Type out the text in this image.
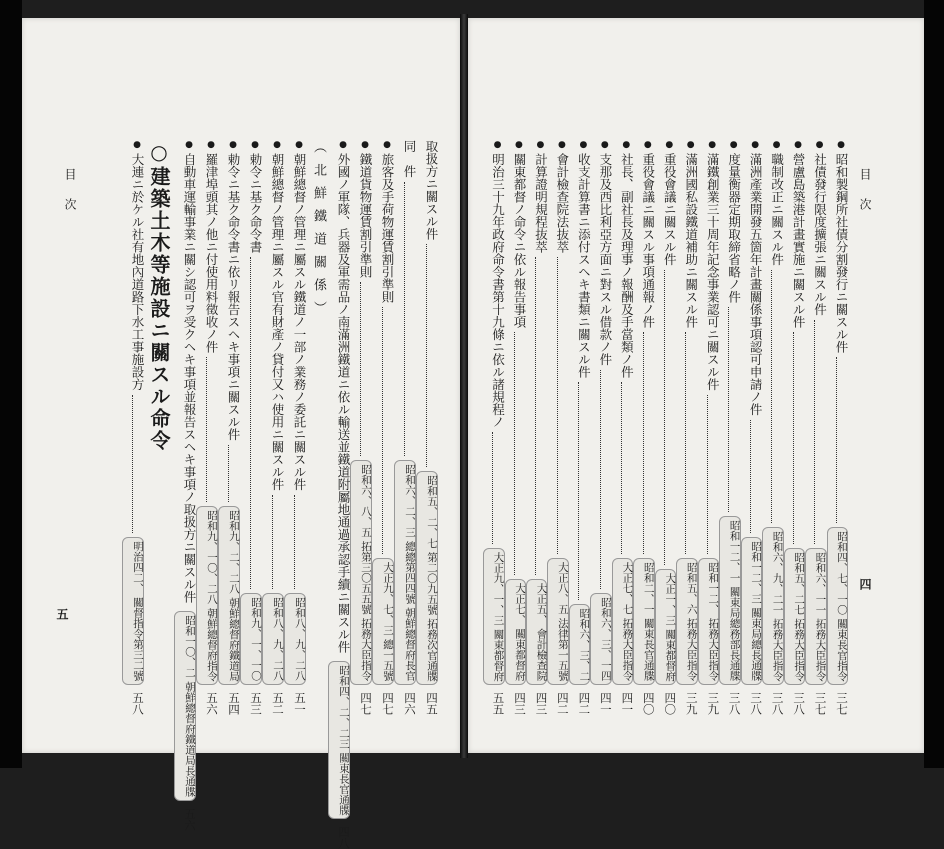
目次
五
取扱方ニ關スル件
昭和五、二、七 第二〇九五號 拓務次官通牒
四五
同　件
昭和六、二、三 總總第四四號 朝鮮總督府長官
四六
●旅客及手荷物運賃割引準則
大正九、七、三 總一五號
四七
●鐵道貨物運賃割引準則
昭和六、八、五 拓第三〇五五號 拓務大臣指令
四七
●外國ノ軍隊、兵器及軍需品ノ南滿洲鐵道ニ依ル輸送並鐵道附屬地通過承認手續ニ關スル件
昭和四、二、二三 關東長官通牒
四八
（北鮮鐵道關係）
●朝鮮總督ノ管理ニ屬スル鐵道ノ一部ノ業務ノ委託ニ關スル件
昭和八、九、二八
五一
●朝鮮總督ノ管理ニ屬スル官有財產ノ貸付又ハ使用ニ關スル件
昭和八、九、二八
五二
●勅令ニ基ク命令書
昭和九、一、一〇
五三
●勅令ニ基ク命令書ニ依リ報告スヘキ事項ニ關スル件
昭和九、二、二八 朝鮮總督府鐵道局
五四
●羅津埠頭其ノ他ニ付使用料徵收ノ件
昭和九、一〇、二八 朝鮮總督府指令
五六
●自動車運輸事業ニ關シ認可ヲ受クヘキ事項並報告スヘキ事項ノ取扱方ニ關スル件
昭和一〇、二 朝鮮總督府鐵道局長通牒
五六
○建築土木等施設ニ關スル命令
●大連ニ於ケル社有地內道路下水工事施設方
明治四二、 關督指令第三二號
五八
目次
四
●昭和製鋼所社債分割發行ニ關スル件
昭和四、七、一〇 關東長官指令
三七
●社債發行限度擴張ニ關スル件
昭和六、一一 拓務大臣指令
三七
●營盧島築港計畫實施ニ關スル件
昭和五、二七 拓務大臣指令
三八
●職制改正ニ關スル件
昭和六、九、二一 拓務大臣指令
三八
●滿洲產業開發五箇年計畫關係事項認可申請ノ件
昭和一二、三 關東局總長通牒
三八
●度量衡器定期取締省略ノ件
昭和一二、一 關東局總務部長通牒
三八
●滿鐵創業三十周年記念事業認可ニ關スル件
昭和一二、 拓務大臣指令
三九
●滿洲國私設鐵道補助ニ關スル件
昭和五、六 拓務大臣指令
三九
●重役會議ニ關スル件
大正一、三 關東都督府
四〇
●重役會議ニ關スル事項通報ノ件
昭和二、一 關東長官通牒
四〇
●社長、副社長及理事ノ報酬及手當類ノ件
大正七、七 拓務大臣指令
四一
●支那及西比利亞方面ニ對スル借款ノ件
昭和六、三、一四
四一
●收支計算書ニ添付スヘキ書類ニ關スル件
昭和六、三、二
四二
●會計檢查院法抜萃
大正八、五 法律第一五號
四二
●計算證明規程抜萃
大正五、 會計檢查院
四三
●關東都督ノ命令ニ依ル報告事項
大正七、 關東都督府
四三
●明治三十九年政府命令書第十九條ニ依ル諸規程ノ
大正九、一、三 關東都督府
五五
